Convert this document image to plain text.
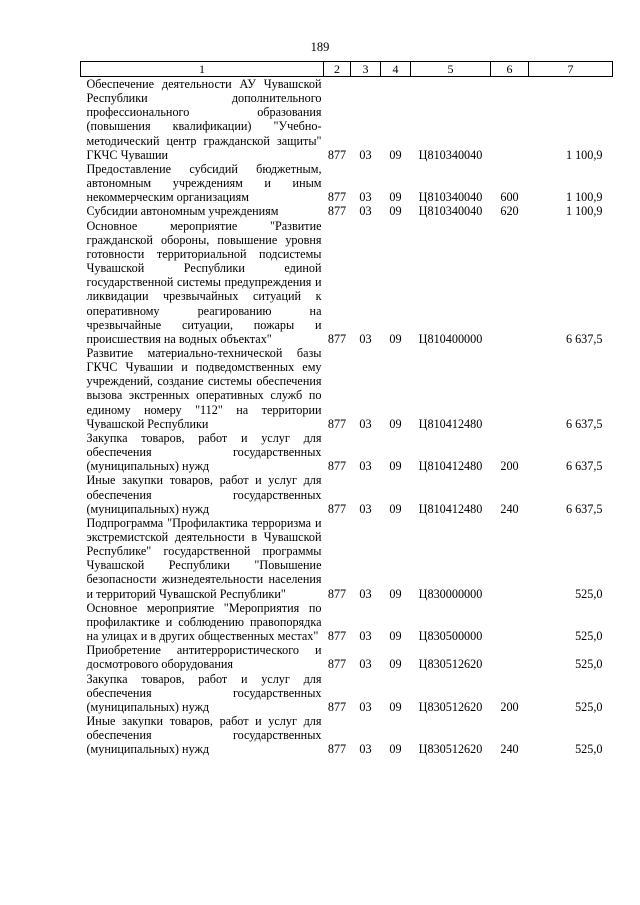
189
1	2	3	4	5	6	7
Обеспечение деятельности АУ Чувашской Республики дополнительного профессионального образования (повышения квалификации) "Учебно-методический центр гражданской защиты" ГКЧС Чувашии	877	03	09	Ц810340040		1 100,9
Предоставление субсидий бюджетным, автономным учреждениям и иным некоммерческим организациям	877	03	09	Ц810340040	600	1 100,9
Субсидии автономным учреждениям	877	03	09	Ц810340040	620	1 100,9
Основное мероприятие "Развитие гражданской обороны, повышение уровня готовности территориальной подсистемы Чувашской Республики единой государственной системы предупреждения и ликвидации чрезвычайных ситуаций к оперативному реагированию на чрезвычайные ситуации, пожары и происшествия на водных объектах"	877	03	09	Ц810400000		6 637,5
Развитие материально-технической базы ГКЧС Чувашии и подведомственных ему учреждений, создание системы обеспечения вызова экстренных оперативных служб по единому номеру "112" на территории Чувашской Республики	877	03	09	Ц810412480		6 637,5
Закупка товаров, работ и услуг для обеспечения государственных (муниципальных) нужд	877	03	09	Ц810412480	200	6 637,5
Иные закупки товаров, работ и услуг для обеспечения государственных (муниципальных) нужд	877	03	09	Ц810412480	240	6 637,5
Подпрограмма "Профилактика терроризма и экстремистской деятельности в Чувашской Республике" государственной программы Чувашской Республики "Повышение безопасности жизнедеятельности населения и территорий Чувашской Республики"	877	03	09	Ц830000000		525,0
Основное мероприятие "Мероприятия по профилактике и соблюдению правопорядка на улицах и в других общественных местах"	877	03	09	Ц830500000		525,0
Приобретение антитеррористического и досмотрового оборудования	877	03	09	Ц830512620		525,0
Закупка товаров, работ и услуг для обеспечения государственных (муниципальных) нужд	877	03	09	Ц830512620	200	525,0
Иные закупки товаров, работ и услуг для обеспечения государственных (муниципальных) нужд	877	03	09	Ц830512620	240	525,0
